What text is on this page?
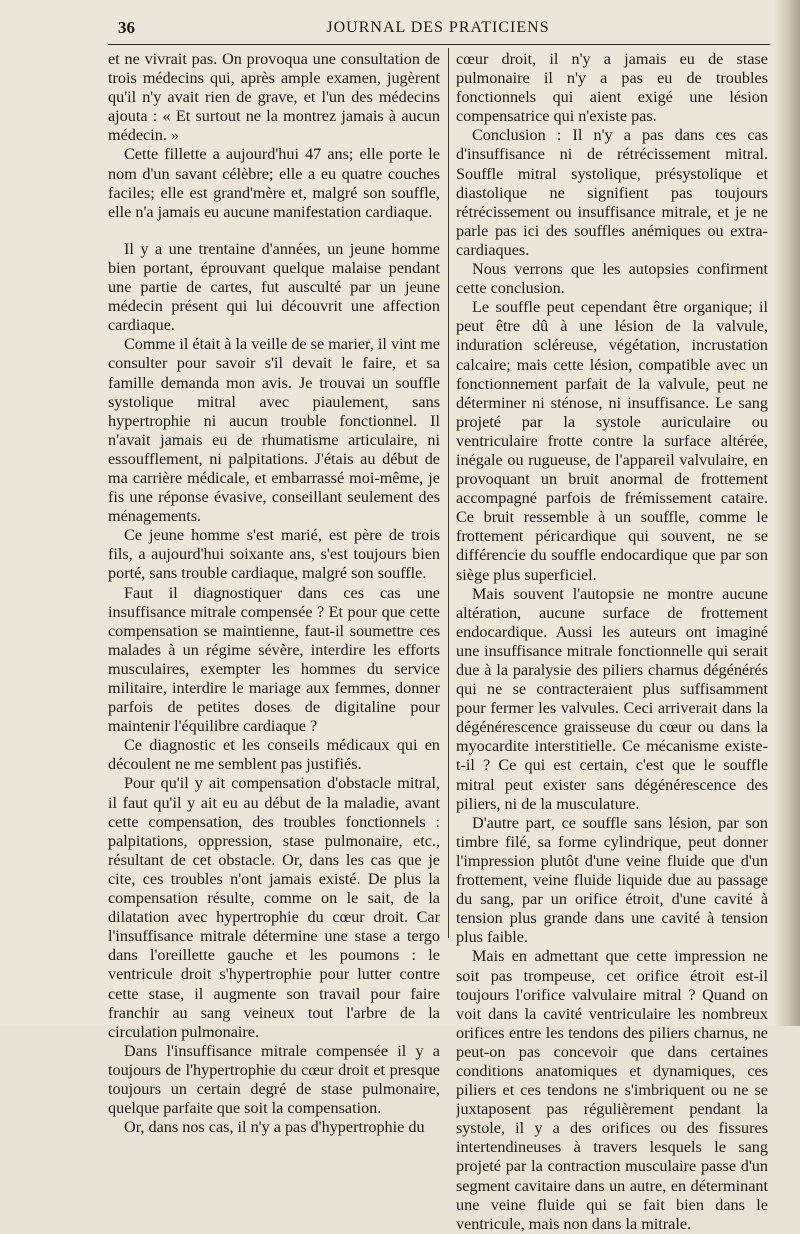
36	JOURNAL DES PRATICIENS

et ne vivrait pas. On provoqua une consultation de trois médecins qui, après ample examen, jugèrent qu'il n'y avait rien de grave, et l'un des médecins ajouta : « Et surtout ne la montrez jamais à aucun médecin. »

Cette fillette a aujourd'hui 47 ans; elle porte le nom d'un savant célèbre; elle a eu quatre couches faciles; elle est grand'mère et, malgré son souffle, elle n'a jamais eu aucune manifestation cardiaque.

Il y a une trentaine d'années, un jeune homme bien portant, éprouvant quelque malaise pendant une partie de cartes, fut ausculté par un jeune médecin présent qui lui découvrit une affection cardiaque.

Comme il était à la veille de se marier, il vint me consulter pour savoir s'il devait le faire, et sa famille demanda mon avis. Je trouvai un souffle systolique mitral avec piaulement, sans hypertrophie ni aucun trouble fonctionnel. Il n'avait jamais eu de rhumatisme articulaire, ni essoufflement, ni palpitations. J'étais au début de ma carrière médicale, et embarrassé moi-même, je fis une réponse évasive, conseillant seulement des ménagements.

Ce jeune homme s'est marié, est père de trois fils, a aujourd'hui soixante ans, s'est toujours bien porté, sans trouble cardiaque, malgré son souffle.

Faut il diagnostiquer dans ces cas une insuffisance mitrale compensée ? Et pour que cette compensation se maintienne, faut-il soumettre ces malades à un régime sévère, interdire les efforts musculaires, exempter les hommes du service militaire, interdire le mariage aux femmes, donner parfois de petites doses de digitaline pour maintenir l'équilibre cardiaque ?

Ce diagnostic et les conseils médicaux qui en découlent ne me semblent pas justifiés.

Pour qu'il y ait compensation d'obstacle mitral, il faut qu'il y ait eu au début de la maladie, avant cette compensation, des troubles fonctionnels : palpitations, oppression, stase pulmonaire, etc., résultant de cet obstacle. Or, dans les cas que je cite, ces troubles n'ont jamais existé. De plus la compensation résulte, comme on le sait, de la dilatation avec hypertrophie du cœur droit. Car l'insuffisance mitrale détermine une stase a tergo dans l'oreillette gauche et les poumons : le ventricule droit s'hypertrophie pour lutter contre cette stase, il augmente son travail pour faire franchir au sang veineux tout l'arbre de la circulation pulmonaire.

Dans l'insuffisance mitrale compensée il y a toujours de l'hypertrophie du cœur droit et presque toujours un certain degré de stase pulmonaire, quelque parfaite que soit la compensation.

Or, dans nos cas, il n'y a pas d'hypertrophie du

cœur droit, il n'y a jamais eu de stase pulmonaire il n'y a pas eu de troubles fonctionnels qui aient exigé une lésion compensatrice qui n'existe pas.

Conclusion : Il n'y a pas dans ces cas d'insuffisance ni de rétrécissement mitral. Souffle mitral systolique, présystolique et diastolique ne signifient pas toujours rétrécissement ou insuffisance mitrale, et je ne parle pas ici des souffles anémiques ou extra-cardiaques.

Nous verrons que les autopsies confirment cette conclusion.

Le souffle peut cependant être organique; il peut être dû à une lésion de la valvule, induration scléreuse, végétation, incrustation calcaire; mais cette lésion, compatible avec un fonctionnement parfait de la valvule, peut ne déterminer ni sténose, ni insuffisance. Le sang projeté par la systole auriculaire ou ventriculaire frotte contre la surface altérée, inégale ou rugueuse, de l'appareil valvulaire, en provoquant un bruit anormal de frottement accompagné parfois de frémissement cataire. Ce bruit ressemble à un souffle, comme le frottement péricardique qui souvent, ne se différencie du souffle endocardique que par son siège plus superficiel.

Mais souvent l'autopsie ne montre aucune altération, aucune surface de frottement endocardique. Aussi les auteurs ont imaginé une insuffisance mitrale fonctionnelle qui serait due à la paralysie des piliers charnus dégénérés qui ne se contracteraient plus suffisamment pour fermer les valvules. Ceci arriverait dans la dégénérescence graisseuse du cœur ou dans la myocardite interstitielle. Ce mécanisme existe-t-il ? Ce qui est certain, c'est que le souffle mitral peut exister sans dégénérescence des piliers, ni de la musculature.

D'autre part, ce souffle sans lésion, par son timbre filé, sa forme cylindrique, peut donner l'impression plutôt d'une veine fluide que d'un frottement, veine fluide liquide due au passage du sang, par un orifice étroit, d'une cavité à tension plus grande dans une cavité à tension plus faible.

Mais en admettant que cette impression ne soit pas trompeuse, cet orifice étroit est-il toujours l'orifice valvulaire mitral ? Quand on voit dans la cavité ventriculaire les nombreux orifices entre les tendons des piliers charnus, ne peut-on pas concevoir que dans certaines conditions anatomiques et dynamiques, ces piliers et ces tendons ne s'imbriquent ou ne se juxtaposent pas régulièrement pendant la systole, il y a des orifices ou des fissures intertendineuses à travers lesquels le sang projeté par la contraction musculaire passe d'un segment cavitaire dans un autre, en déterminant une veine fluide qui se fait bien dans le ventricule, mais non dans la mitrale.
